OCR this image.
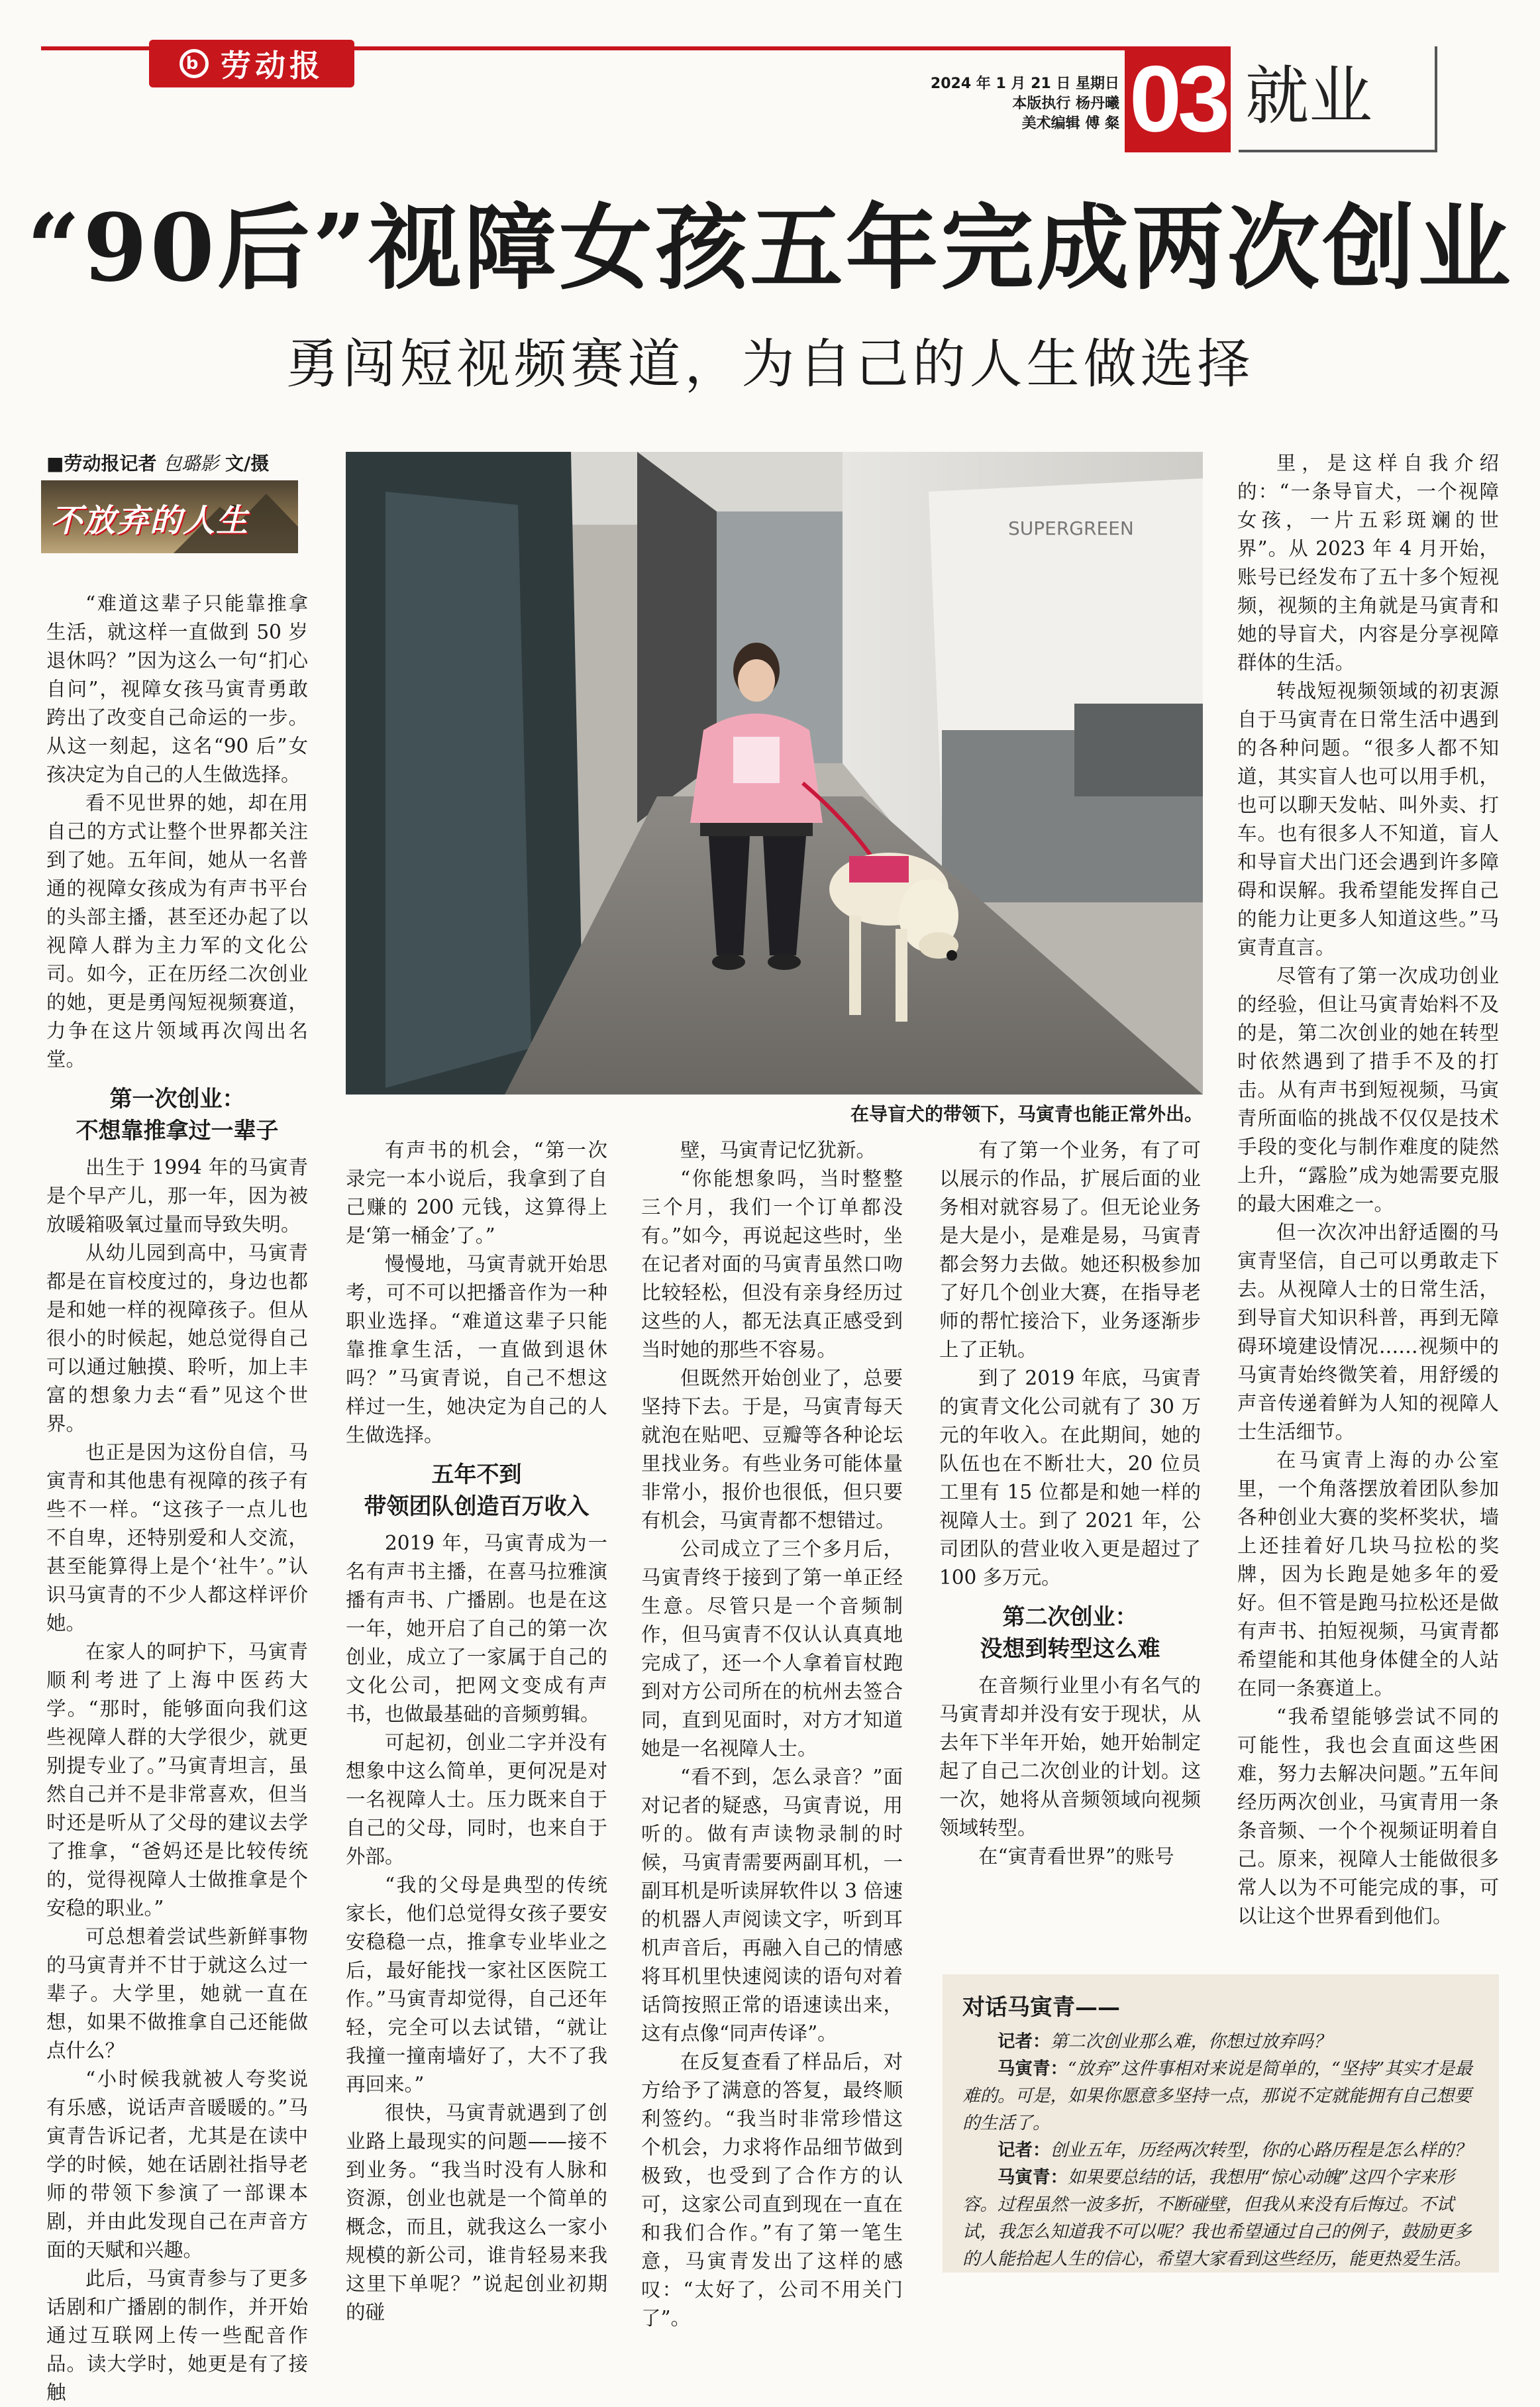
b 劳动报
2024 年 1 月 21 日 星期日
本版执行 杨丹曦
美术编辑 傅 粲 03 就业
“90后”视障女孩五年完成两次创业
勇闯短视频赛道，为自己的人生做选择
■劳动报记者 包璐影 文/摄
不放弃的人生	SUPERGREEN
在导盲犬的带领下，马寅青也能正常外出。

“难道这辈子只能靠推拿生活，就这样一直做到 50 岁退休吗？”因为这么一句“扪心自问”，视障女孩马寅青勇敢跨出了改变自己命运的一步。从这一刻起，这名“90 后”女孩决定为自己的人生做选择。

看不见世界的她，却在用自己的方式让整个世界都关注到了她。五年间，她从一名普通的视障女孩成为有声书平台的头部主播，甚至还办起了以视障人群为主力军的文化公司。如今，正在历经二次创业的她，更是勇闯短视频赛道，力争在这片领域再次闯出名堂。

第一次创业：
不想靠推拿过一辈子

出生于 1994 年的马寅青是个早产儿，那一年，因为被放暖箱吸氧过量而导致失明。

从幼儿园到高中，马寅青都是在盲校度过的，身边也都是和她一样的视障孩子。但从很小的时候起，她总觉得自己可以通过触摸、聆听，加上丰富的想象力去“看”见这个世界。

也正是因为这份自信，马寅青和其他患有视障的孩子有些不一样。“这孩子一点儿也不自卑，还特别爱和人交流，甚至能算得上是个‘社牛’。”认识马寅青的不少人都这样评价她。

在家人的呵护下，马寅青顺利考进了上海中医药大学。“那时，能够面向我们这些视障人群的大学很少，就更别提专业了。”马寅青坦言，虽然自己并不是非常喜欢，但当时还是听从了父母的建议去学了推拿，“爸妈还是比较传统的，觉得视障人士做推拿是个安稳的职业。”

可总想着尝试些新鲜事物的马寅青并不甘于就这么过一辈子。大学里，她就一直在想，如果不做推拿自己还能做点什么？

“小时候我就被人夸奖说有乐感，说话声音暖暖的。”马寅青告诉记者，尤其是在读中学的时候，她在话剧社指导老师的带领下参演了一部课本剧，并由此发现自己在声音方面的天赋和兴趣。

此后，马寅青参与了更多话剧和广播剧的制作，并开始通过互联网上传一些配音作品。读大学时，她更是有了接触

有声书的机会，“第一次录完一本小说后，我拿到了自己赚的 200 元钱，这算得上是‘第一桶金’了。”

慢慢地，马寅青就开始思考，可不可以把播音作为一种职业选择。“难道这辈子只能靠推拿生活，一直做到退休吗？”马寅青说，自己不想这样过一生，她决定为自己的人生做选择。

五年不到
带领团队创造百万收入

2019 年，马寅青成为一名有声书主播，在喜马拉雅演播有声书、广播剧。也是在这一年，她开启了自己的第一次创业，成立了一家属于自己的文化公司，把网文变成有声书，也做最基础的音频剪辑。

可起初，创业二字并没有想象中这么简单，更何况是对一名视障人士。压力既来自于自己的父母，同时，也来自于外部。

“我的父母是典型的传统家长，他们总觉得女孩子要安安稳稳一点，推拿专业毕业之后，最好能找一家社区医院工作。”马寅青却觉得，自己还年轻，完全可以去试错，“就让我撞一撞南墙好了，大不了我再回来。”

很快，马寅青就遇到了创业路上最现实的问题——接不到业务。“我当时没有人脉和资源，创业也就是一个简单的概念，而且，就我这么一家小规模的新公司，谁肯轻易来我这里下单呢？”说起创业初期的碰

壁，马寅青记忆犹新。

“你能想象吗，当时整整三个月，我们一个订单都没有。”如今，再说起这些时，坐在记者对面的马寅青虽然口吻比较轻松，但没有亲身经历过这些的人，都无法真正感受到当时她的那些不容易。

但既然开始创业了，总要坚持下去。于是，马寅青每天就泡在贴吧、豆瓣等各种论坛里找业务。有些业务可能体量非常小，报价也很低，但只要有机会，马寅青都不想错过。

公司成立了三个多月后，马寅青终于接到了第一单正经生意。尽管只是一个音频制作，但马寅青不仅认认真真地完成了，还一个人拿着盲杖跑到对方公司所在的杭州去签合同，直到见面时，对方才知道她是一名视障人士。

“看不到，怎么录音？”面对记者的疑惑，马寅青说，用听的。做有声读物录制的时候，马寅青需要两副耳机，一副耳机是听读屏软件以 3 倍速的机器人声阅读文字，听到耳机声音后，再融入自己的情感将耳机里快速阅读的语句对着话筒按照正常的语速读出来，这有点像“同声传译”。

在反复查看了样品后，对方给予了满意的答复，最终顺利签约。“我当时非常珍惜这个机会，力求将作品细节做到极致，也受到了合作方的认可，这家公司直到现在一直在和我们合作。”有了第一笔生意，马寅青发出了这样的感叹：“太好了，公司不用关门了”。

有了第一个业务，有了可以展示的作品，扩展后面的业务相对就容易了。但无论业务是大是小，是难是易，马寅青都会努力去做。她还积极参加了好几个创业大赛，在指导老师的帮忙接洽下，业务逐渐步上了正轨。

到了 2019 年底，马寅青的寅青文化公司就有了 30 万元的年收入。在此期间，她的队伍也在不断壮大，20 位员工里有 15 位都是和她一样的视障人士。到了 2021 年，公司团队的营业收入更是超过了 100 多万元。

第二次创业：
没想到转型这么难

在音频行业里小有名气的马寅青却并没有安于现状，从去年下半年开始，她开始制定起了自己二次创业的计划。这一次，她将从音频领域向视频领域转型。

在“寅青看世界”的账号

里，是这样自我介绍的：“一条导盲犬，一个视障女孩，一片五彩斑斓的世界”。从 2023 年 4 月开始，账号已经发布了五十多个短视频，视频的主角就是马寅青和她的导盲犬，内容是分享视障群体的生活。

转战短视频领域的初衷源自于马寅青在日常生活中遇到的各种问题。“很多人都不知道，其实盲人也可以用手机，也可以聊天发帖、叫外卖、打车。也有很多人不知道，盲人和导盲犬出门还会遇到许多障碍和误解。我希望能发挥自己的能力让更多人知道这些。”马寅青直言。

尽管有了第一次成功创业的经验，但让马寅青始料不及的是，第二次创业的她在转型时依然遇到了措手不及的打击。从有声书到短视频，马寅青所面临的挑战不仅仅是技术手段的变化与制作难度的陡然上升，“露脸”成为她需要克服的最大困难之一。

但一次次冲出舒适圈的马寅青坚信，自己可以勇敢走下去。从视障人士的日常生活，到导盲犬知识科普，再到无障碍环境建设情况……视频中的马寅青始终微笑着，用舒缓的声音传递着鲜为人知的视障人士生活细节。

在马寅青上海的办公室里，一个角落摆放着团队参加各种创业大赛的奖杯奖状，墙上还挂着好几块马拉松的奖牌，因为长跑是她多年的爱好。但不管是跑马拉松还是做有声书、拍短视频，马寅青都希望能和其他身体健全的人站在同一条赛道上。

“我希望能够尝试不同的可能性，我也会直面这些困难，努力去解决问题。”五年间经历两次创业，马寅青用一条条音频、一个个视频证明着自己。原来，视障人士能做很多常人以为不可能完成的事，可以让这个世界看到他们。

对话马寅青——

记者：第二次创业那么难，你想过放弃吗？

马寅青：“放弃”这件事相对来说是简单的，“坚持”其实才是最难的。可是，如果你愿意多坚持一点，那说不定就能拥有自己想要的生活了。

记者：创业五年，历经两次转型，你的心路历程是怎么样的？

马寅青：如果要总结的话，我想用“惊心动魄”这四个字来形容。过程虽然一波多折，不断碰壁，但我从来没有后悔过。不试试，我怎么知道我不可以呢？我也希望通过自己的例子，鼓励更多的人能拾起人生的信心，希望大家看到这些经历，能更热爱生活。
